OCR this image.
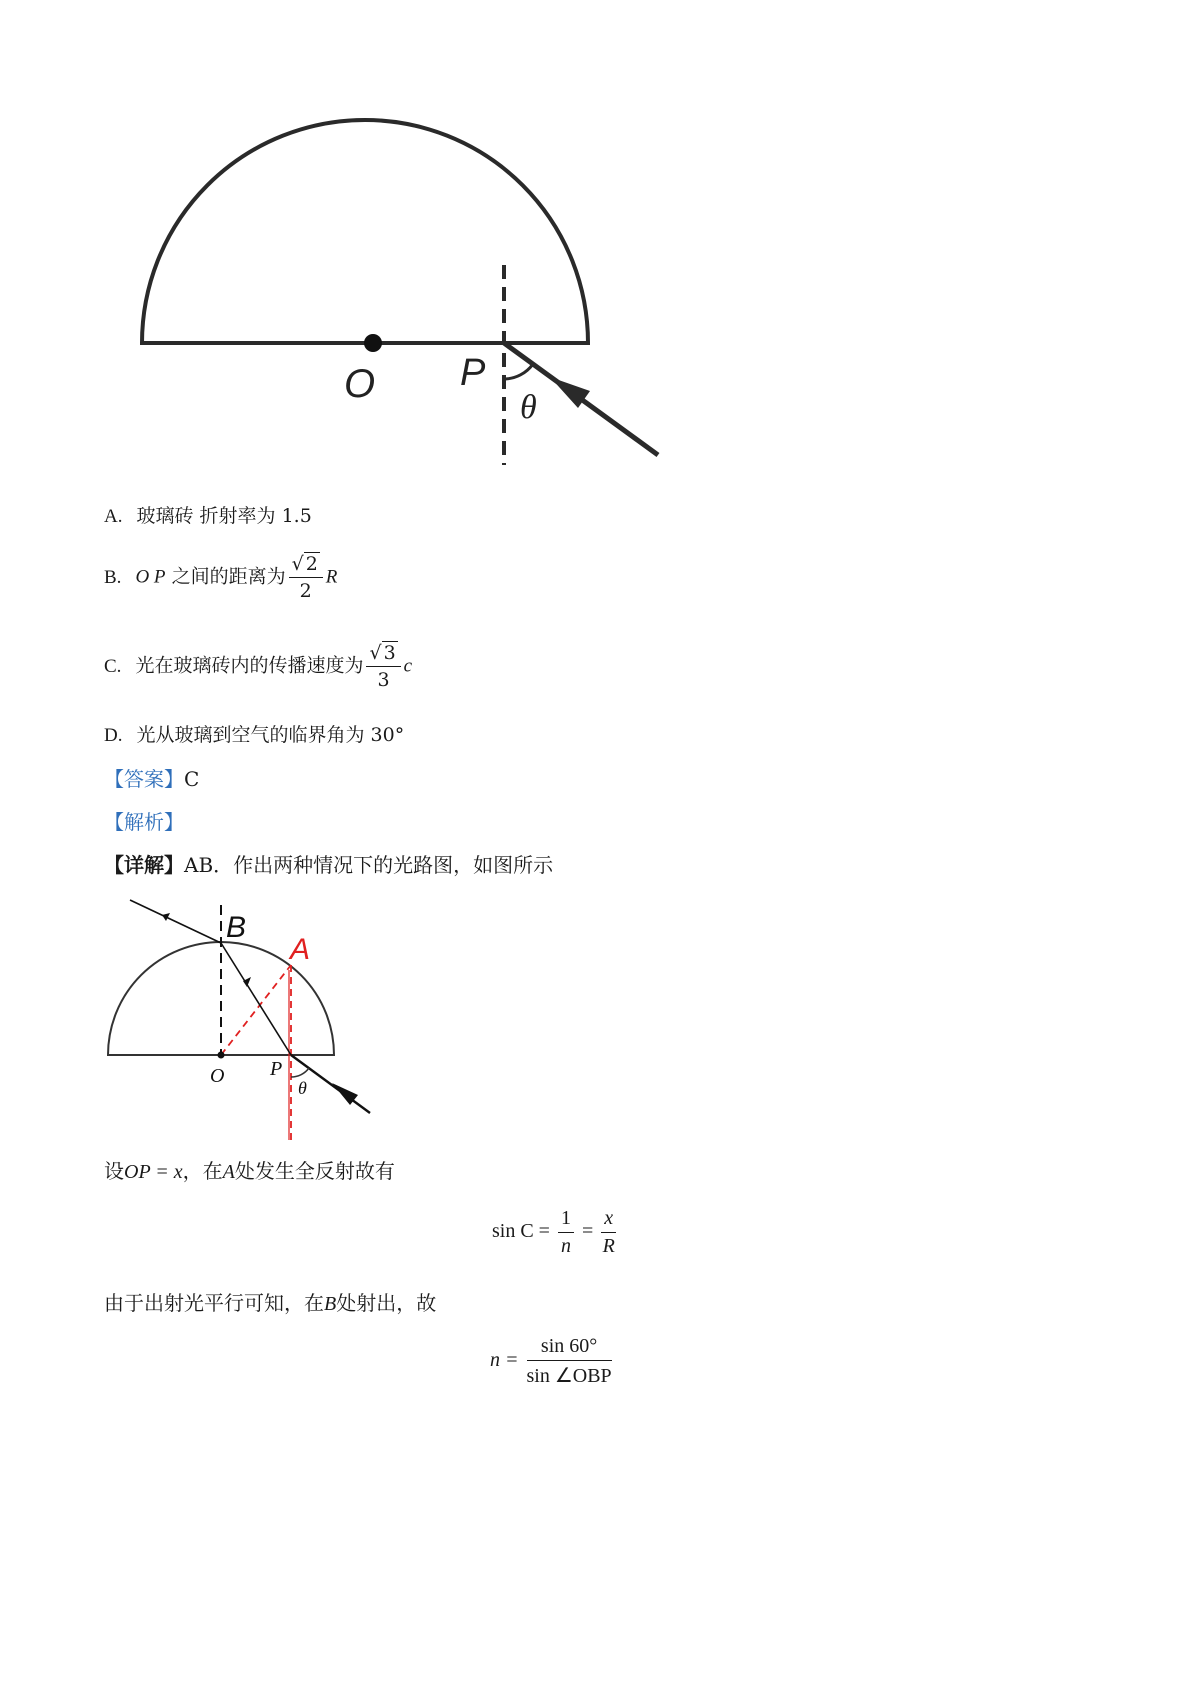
O P
θ
A. 玻璃砖 折射率为 1.5
B. O P 之间的距离为 $\frac{√ 2}{2}$ R
C. 光在玻璃砖内的传播速度为 $\frac{√ 3}{3}$ c
D. 光从玻璃到空气的临界角为 30°
【答案】C
【解析】
【详解】AB．作出两种情况下的光路图，如图所示
B
A
O P
θ
设OP = x，在A处发生全反射故有
$\sin C = \frac{1}{n} = \frac{x}{R}$
由于出射光平行可知，在B处射出，故
$n = \frac{\sin 60^\circ}{\text{sin ∠OBP}}$
